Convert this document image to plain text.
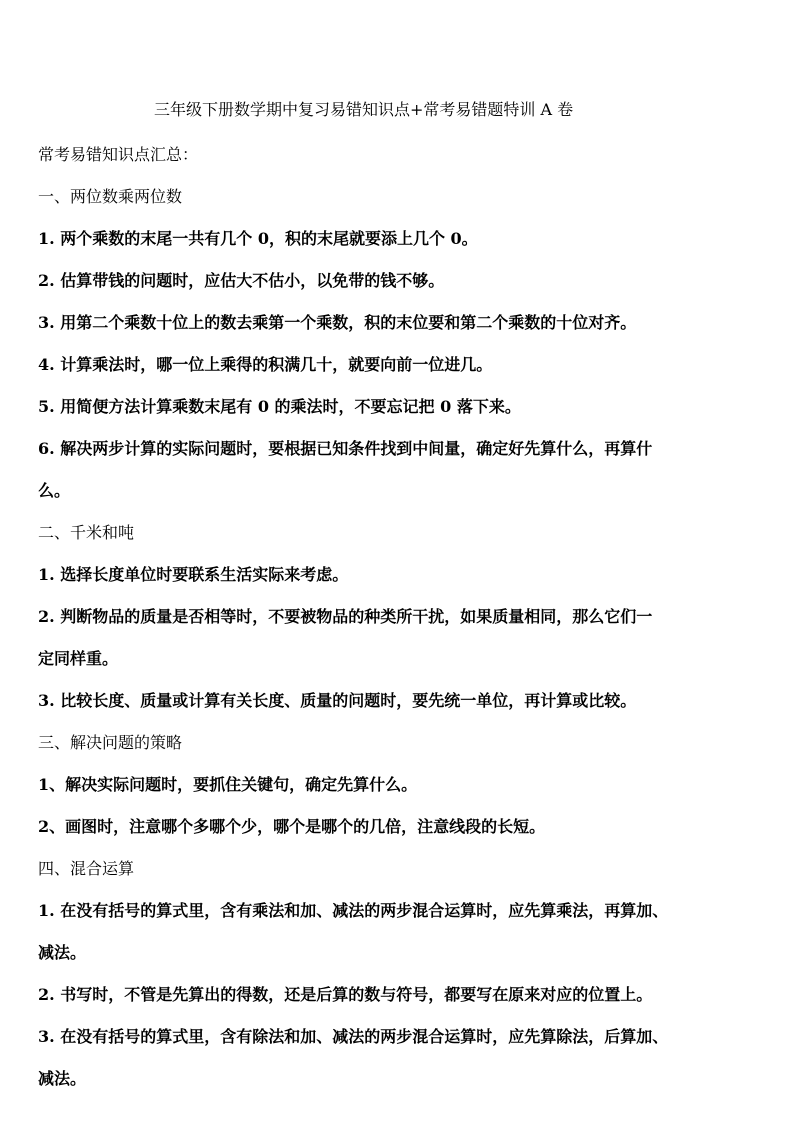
三年级下册数学期中复习易错知识点+常考易错题特训 A 卷

常考易错知识点汇总：

一、两位数乘两位数

1. 两个乘数的末尾一共有几个 0，积的末尾就要添上几个 0。

2. 估算带钱的问题时，应估大不估小，以免带的钱不够。

3. 用第二个乘数十位上的数去乘第一个乘数，积的末位要和第二个乘数的十位对齐。

4. 计算乘法时，哪一位上乘得的积满几十，就要向前一位进几。

5. 用简便方法计算乘数末尾有 0 的乘法时，不要忘记把 0 落下来。

6. 解决两步计算的实际问题时，要根据已知条件找到中间量，确定好先算什么，再算什
么。

二、千米和吨

1. 选择长度单位时要联系生活实际来考虑。

2. 判断物品的质量是否相等时，不要被物品的种类所干扰，如果质量相同，那么它们一
定同样重。

3. 比较长度、质量或计算有关长度、质量的问题时，要先统一单位，再计算或比较。

三、解决问题的策略

1、解决实际问题时，要抓住关键句，确定先算什么。

2、画图时，注意哪个多哪个少，哪个是哪个的几倍，注意线段的长短。

四、混合运算

1. 在没有括号的算式里，含有乘法和加、减法的两步混合运算时，应先算乘法，再算加、
减法。

2. 书写时，不管是先算出的得数，还是后算的数与符号，都要写在原来对应的位置上。

3. 在没有括号的算式里，含有除法和加、减法的两步混合运算时，应先算除法，后算加、
减法。
